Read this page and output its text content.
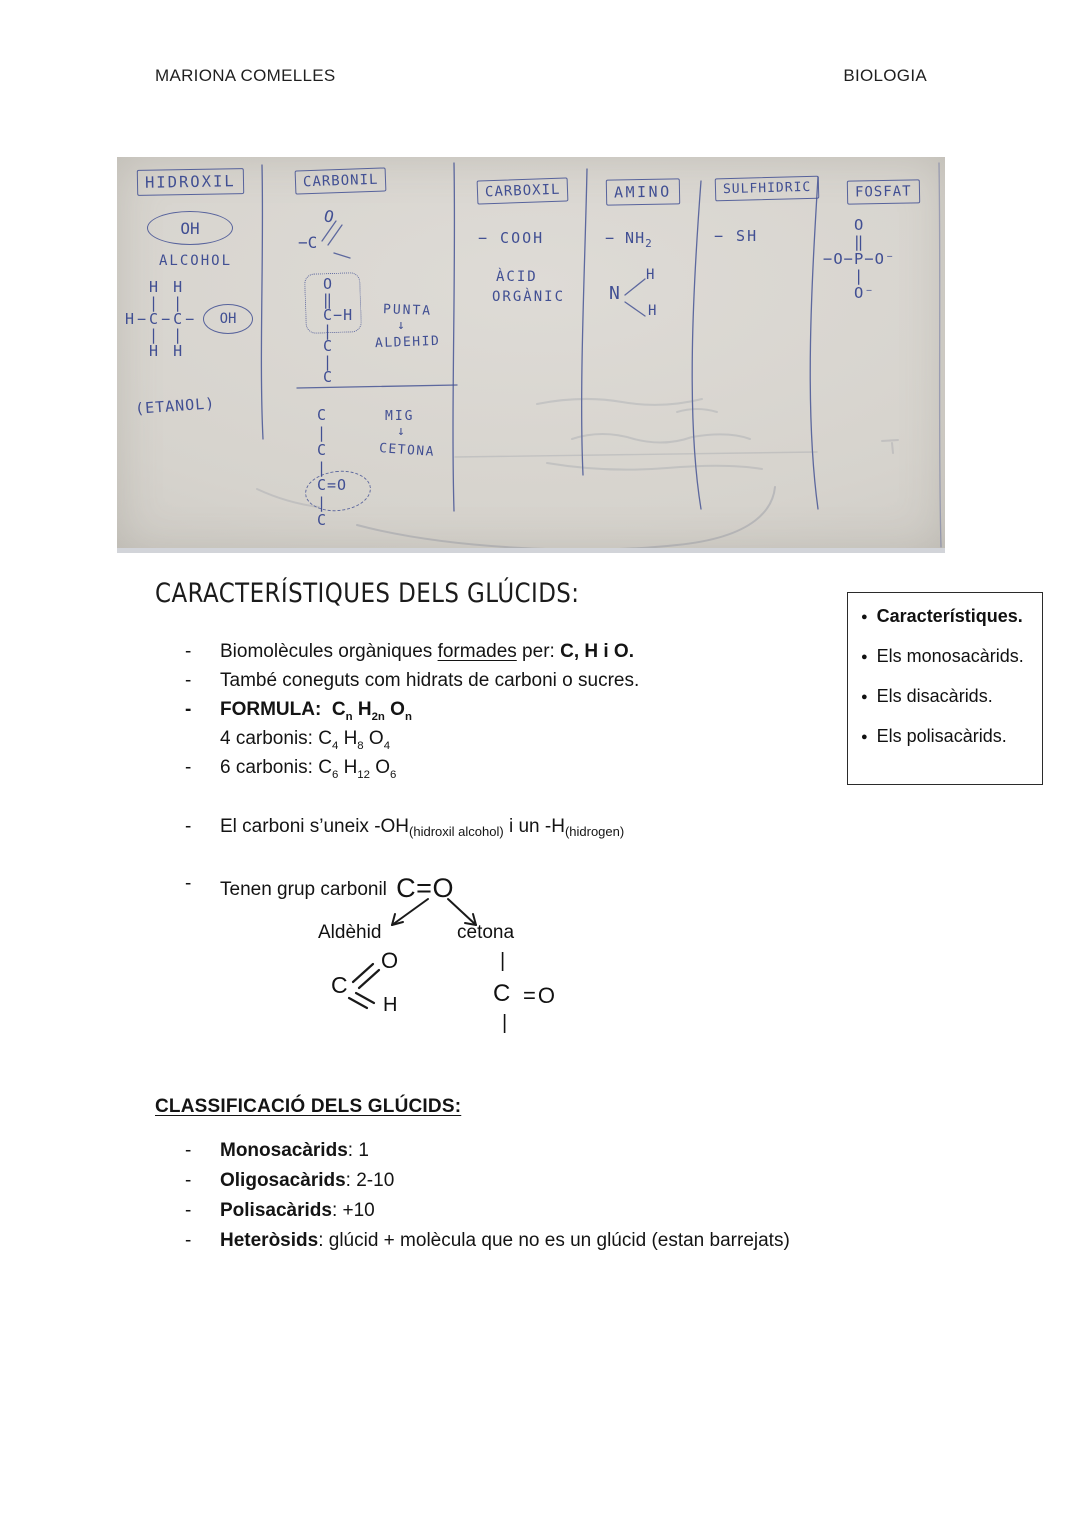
MARIONA COMELLES	BIOLOGIA
HIDROXIL
OH
ALCOHOL
H H
| |
H−C−C−
| |
H H
OH
(ETANOL)
CARBONIL
O
−C
O
‖
C−H
|
C
|
C
PUNTA
↓
ALDEHID
C
|
C
|
C=O
|
C
MIG
↓
CETONA
CARBOXIL
− COOH
ÀCID
ORGÀNIC
AMINO
− $NH_2$
N
H
H
SULFHIDRIC
− SH
FOSFAT
O
‖
−O−P−O⁻
|
O⁻
CARACTERÍSTIQUES DELS GLÚCIDS:
-	Biomolècules orgàniques formades per: C, H i O.
-	També coneguts com hidrats de carboni o sucres.
-	FORMULA:  $C_n$ $H_{2n}$ $O_n$
4 carbonis: $C_4$ $H_8$ $O_4$
-	6 carbonis: $C_6$ $H_{12}$ $O_6$
-	El carboni s’uneix $-OH_{(hidroxil alcohol)}$ i un $-H_{(hidrogen)}$
-	Tenen grup carbonil C=O
Aldèhid	cetona
C
O
H
|
C =O
|
CLASSIFICACIÓ DELS GLÚCIDS:
-	Monosacàrids: 1
-	Oligosacàrids: 2-10
-	Polisacàrids: +10
-	Heteròsids: glúcid + molècula que no es un glúcid (estan barrejats)
● Característiques.
● Els monosacàrids.
● Els disacàrids.
● Els polisacàrids.
